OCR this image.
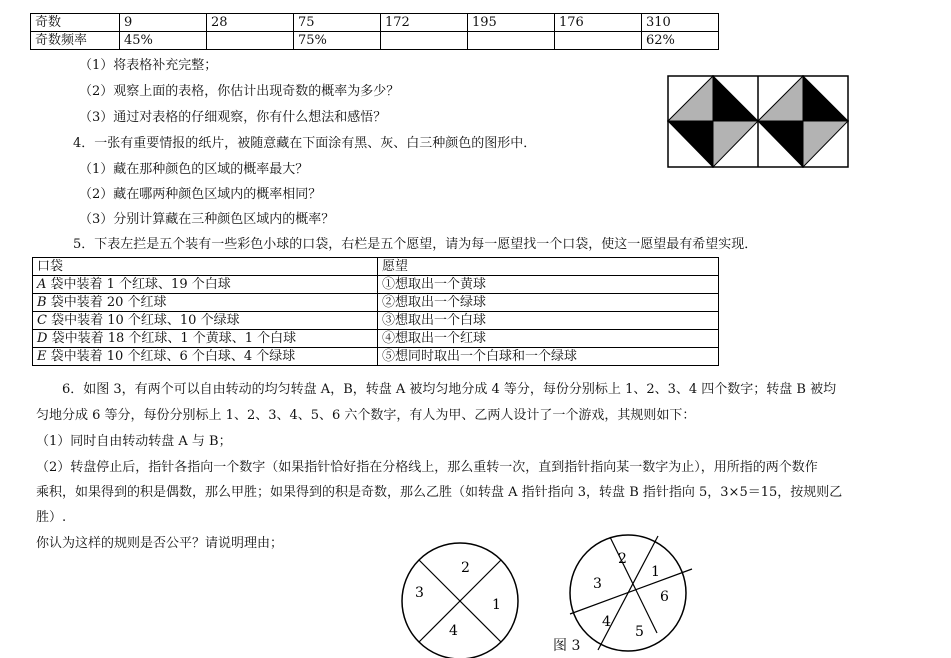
奇数	9	28	75	172	195	176	310
奇数频率	45%		75%				62%
（1）将表格补充完整；
（2）观察上面的表格，你估计出现奇数的概率为多少？
（3）通过对表格的仔细观察，你有什么想法和感悟？
4．一张有重要情报的纸片，被随意藏在下面涂有黑、灰、白三种颜色的图形中．
（1）藏在那种颜色的区域的概率最大？
（2）藏在哪两种颜色区域内的概率相同？
（3）分别计算藏在三种颜色区域内的概率？
5．下表左拦是五个装有一些彩色小球的口袋，右栏是五个愿望，请为每一愿望找一个口袋，使这一愿望最有希望实现．
口袋	愿望
A 袋中装着 1 个红球、19 个白球	①想取出一个黄球
B 袋中装着 20 个红球	②想取出一个绿球
C 袋中装着 10 个红球、10 个绿球	③想取出一个白球
D 袋中装着 18 个红球、1 个黄球、1 个白球	④想取出一个红球
E 袋中装着 10 个红球、6 个白球、4 个绿球	⑤想同时取出一个白球和一个绿球
6．如图 3，有两个可以自由转动的均匀转盘 A，B，转盘 A 被均匀地分成 4 等分，每份分别标上 1、2、3、4 四个数字；转盘 B 被均
匀地分成 6 等分，每份分别标上 1、2、3、4、5、6 六个数字，有人为甲、乙两人设计了一个游戏，其规则如下：
（1）同时自由转动转盘 A 与 B；
（2）转盘停止后，指针各指向一个数字（如果指针恰好指在分格线上，那么重转一次，直到指针指向某一数字为止），用所指的两个数作
乘积，如果得到的积是偶数，那么甲胜；如果得到的积是奇数，那么乙胜（如转盘 A 指针指向 3，转盘 B 指针指向 5，3×5＝15，按规则乙
胜）.
你认为这样的规则是否公平？请说明理由；
2
1
4
3
2
1
6
5
4
3
图 3
